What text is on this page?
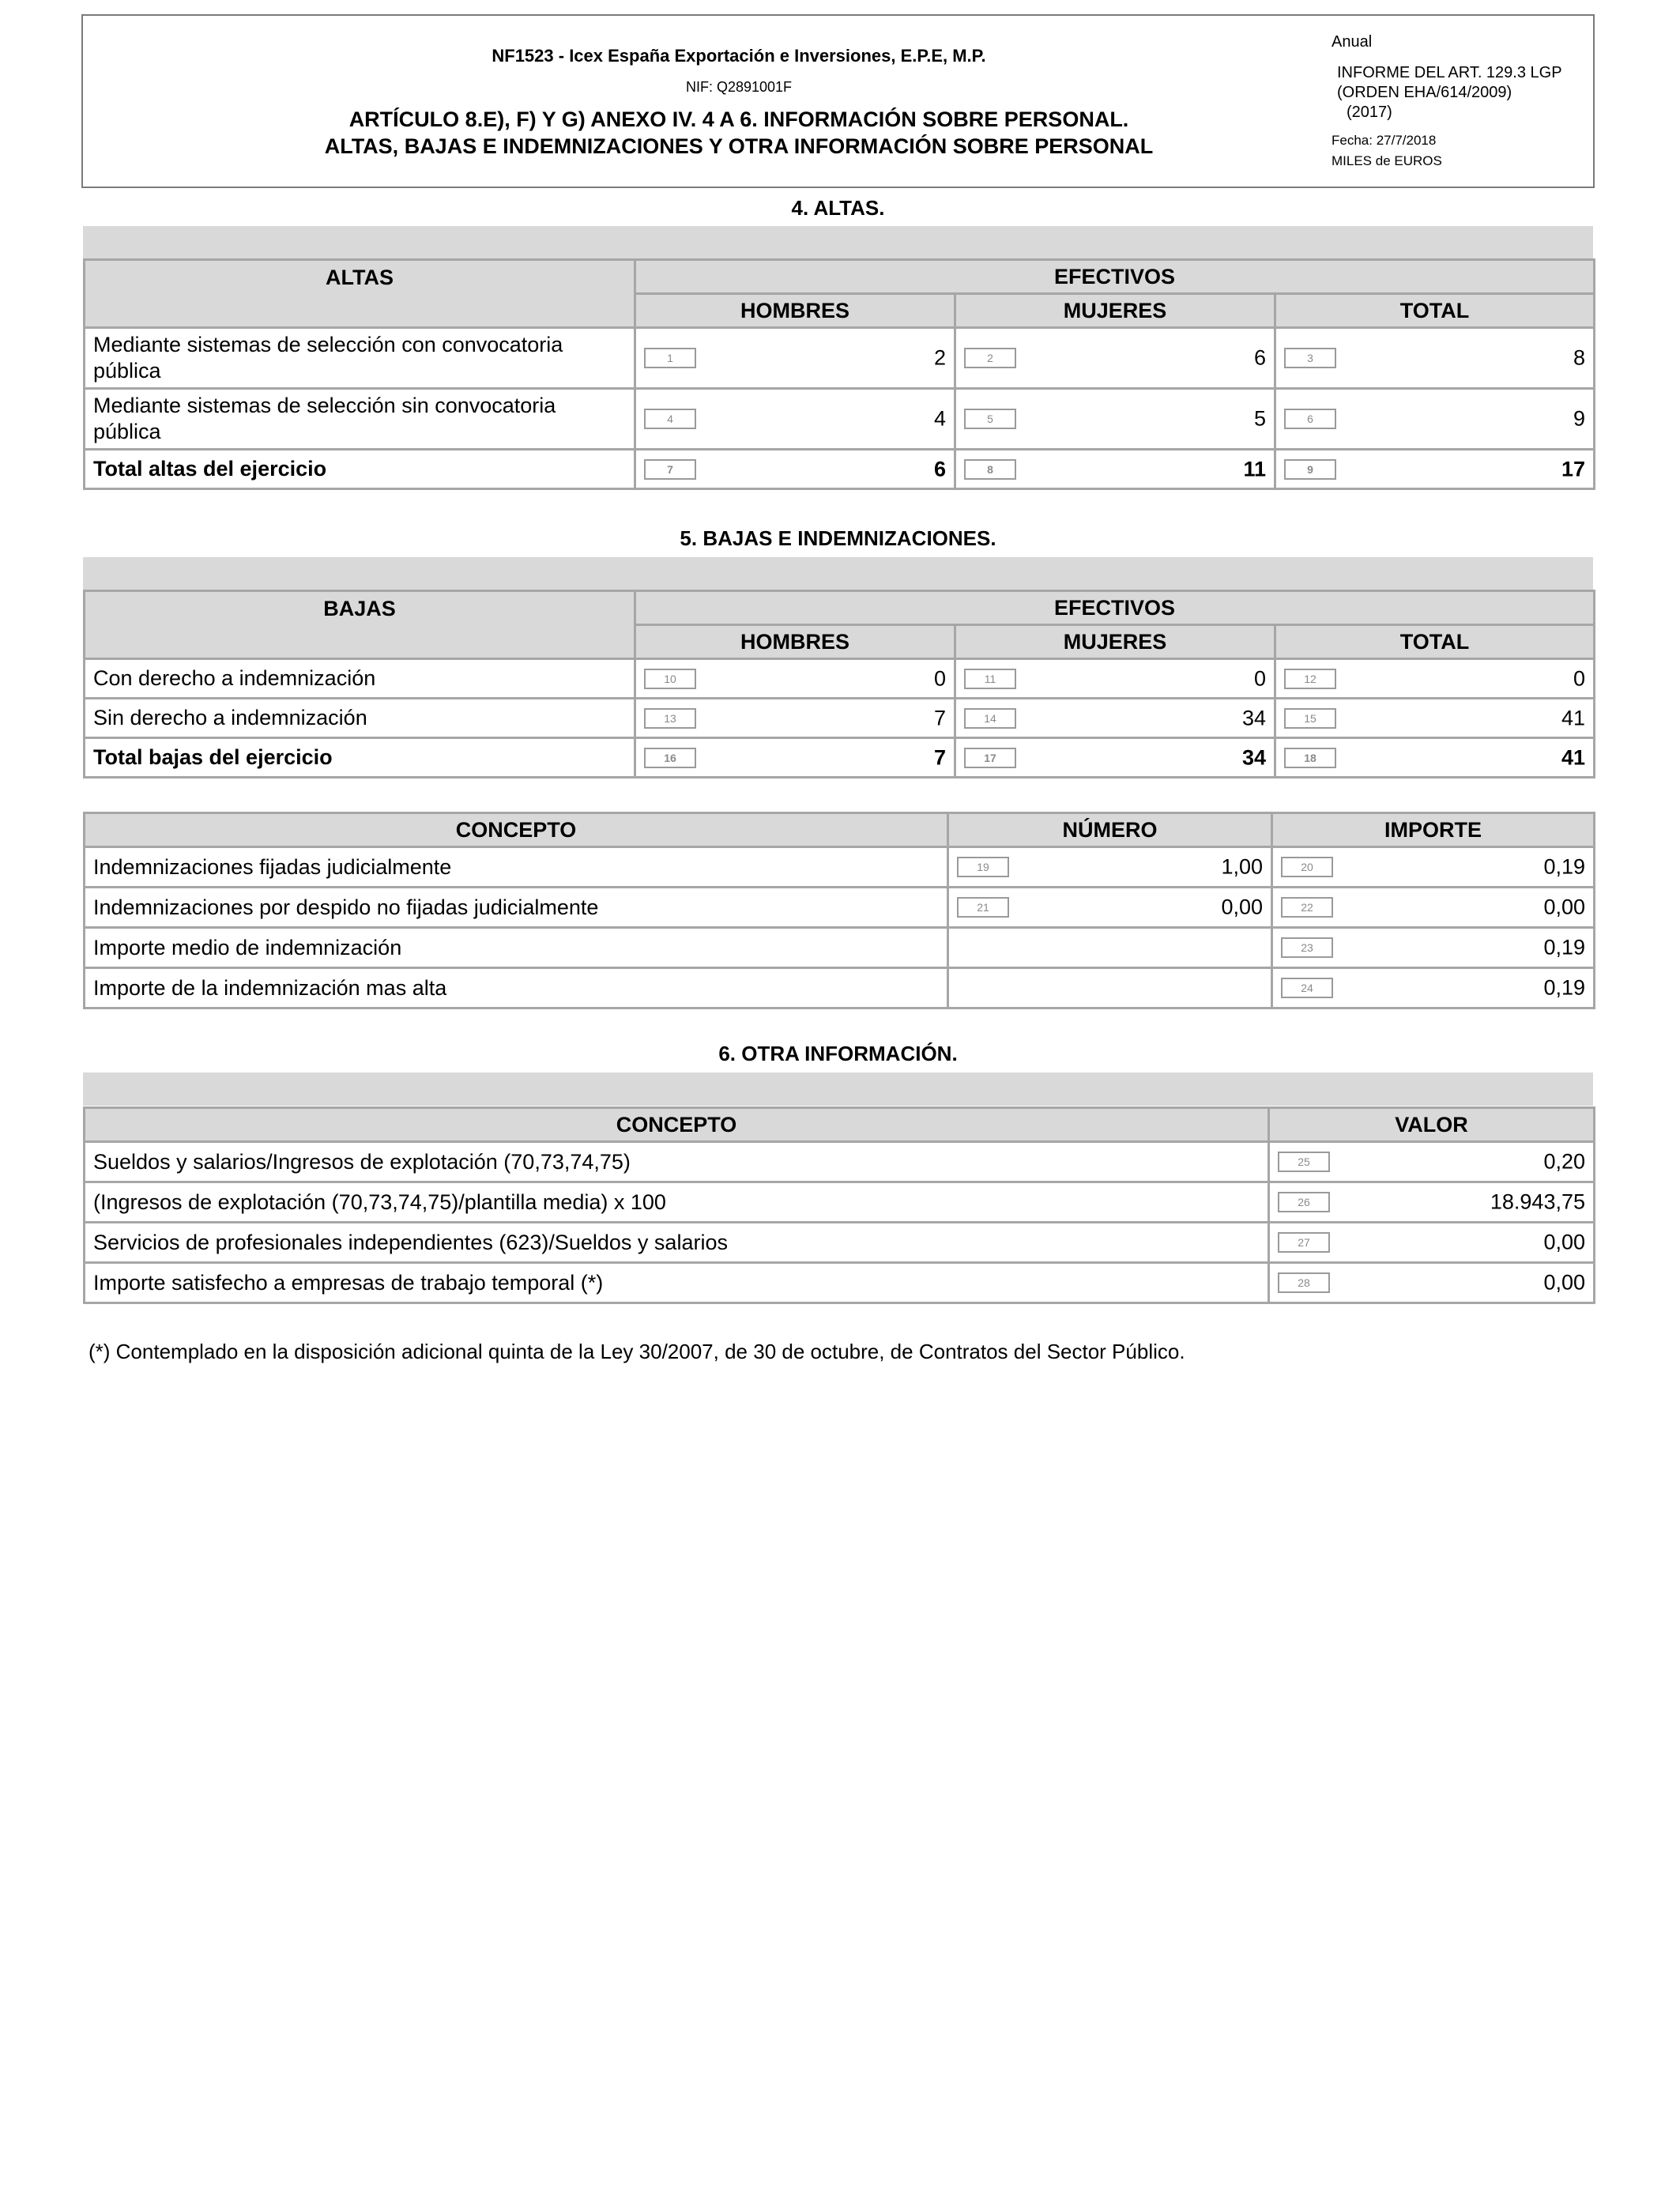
NF1523 - Icex España Exportación e Inversiones, E.P.E, M.P.
NIF: Q2891001F
ARTÍCULO 8.E), F) Y G) ANEXO IV. 4 A 6. INFORMACIÓN SOBRE PERSONAL.
ALTAS, BAJAS E INDEMNIZACIONES Y OTRA INFORMACIÓN SOBRE PERSONAL
Anual
INFORME DEL ART. 129.3 LGP
(ORDEN EHA/614/2009)
(2017)
Fecha: 27/7/2018
MILES de EUROS
4. ALTAS.
ALTAS	EFECTIVOS		
	HOMBRES	MUJERES	TOTAL
Mediante sistemas de selección con convocatoria pública	1 2	2 6	3 8

Mediante sistemas de selección sin convocatoria pública	4 4	5 5	6 9

Total altas del ejercicio	7 6	8 11	9 17
5. BAJAS E INDEMNIZACIONES.
BAJAS	EFECTIVOS		
	HOMBRES	MUJERES	TOTAL
Con derecho a indemnización	10 0	11 0	12 0

Sin derecho a indemnización	13 7	14 34	15 41

Total bajas del ejercicio	16 7	17 34	18 41
CONCEPTO	NÚMERO	IMPORTE
Indemnizaciones fijadas judicialmente	19 1,00	20 0,19

Indemnizaciones por despido no fijadas judicialmente	21 0,00	22 0,00

Importe medio de indemnización		23 0,19

Importe de la indemnización mas alta		24 0,19
6. OTRA INFORMACIÓN.
CONCEPTO	VALOR
Sueldos y salarios/Ingresos de explotación (70,73,74,75)	25 0,20

(Ingresos de explotación (70,73,74,75)/plantilla media) x 100	26 18.943,75

Servicios de profesionales independientes (623)/Sueldos y salarios	27 0,00

Importe satisfecho a empresas de trabajo temporal (*)	28 0,00
(*) Contemplado en la disposición adicional quinta de la Ley 30/2007, de 30 de octubre, de Contratos del Sector Público.
